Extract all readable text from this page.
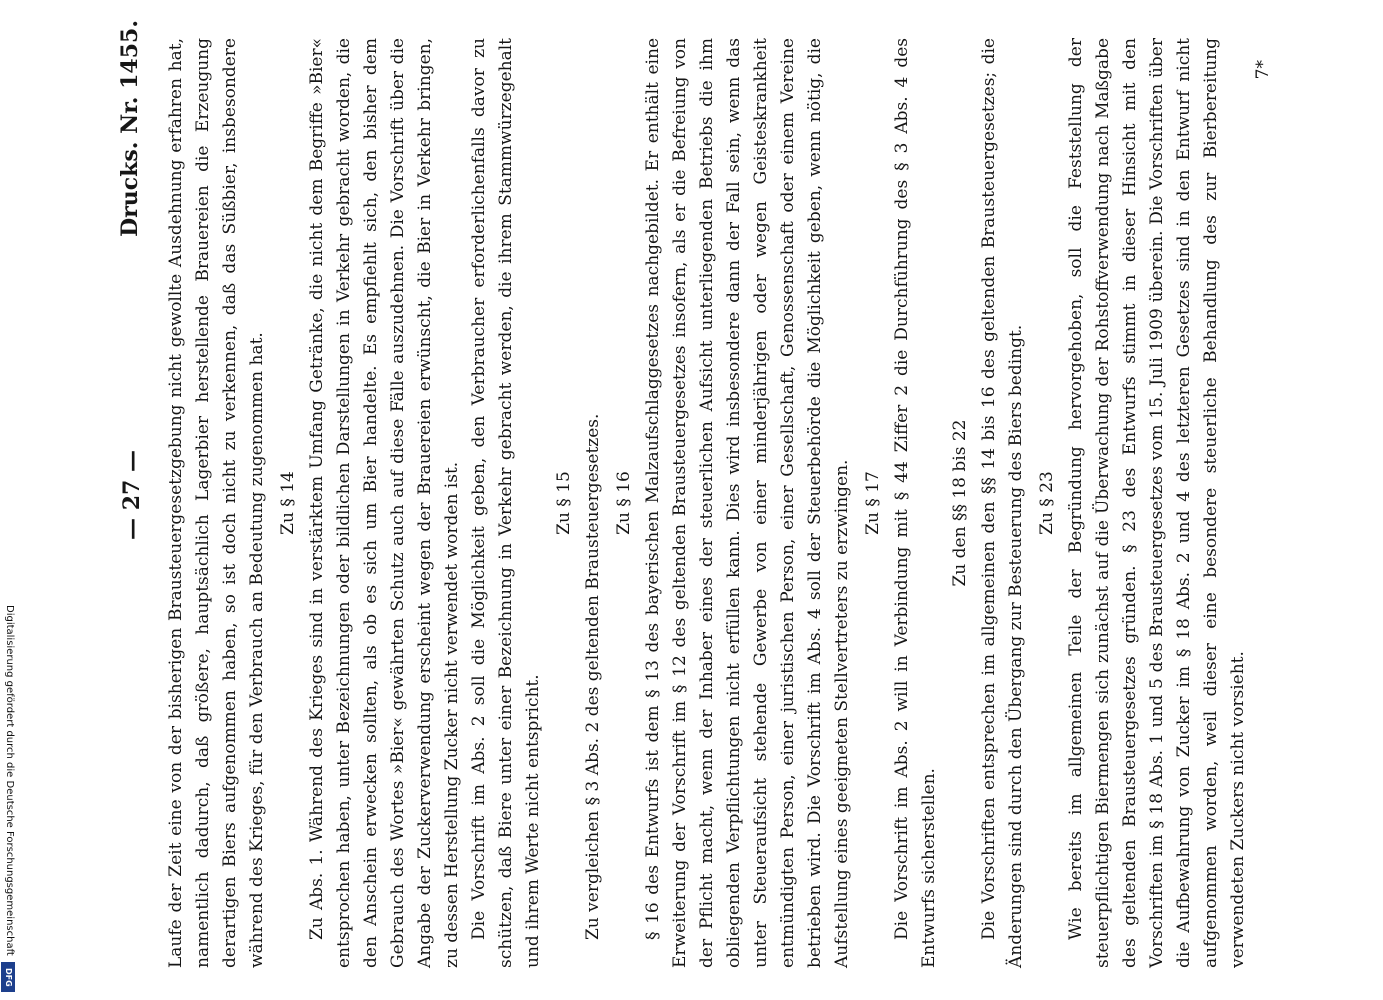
— 27 —
Drucks. Nr. 1455. Laufe der Zeit eine von der bisherigen Brausteuergesetzgebung nicht gewollte Ausdehnung erfahren hat, namentlich dadurch, daß größere, hauptsächlich Lagerbier herstellende Brauereien die Erzeugung derartigen Biers aufgenommen haben, so ist doch nicht zu verkennen, daß das Süßbier, insbesondere während des Krieges, für den Verbrauch an Bedeutung zugenommen hat. Zu § 14 Zu Abs. 1. Während des Krieges sind in verstärktem Umfang Getränke, die nicht dem Begriffe »Bier« entsprochen haben, unter Bezeichnungen oder bildlichen Darstellungen in Verkehr gebracht worden, die den Anschein erwecken sollten, als ob es sich um Bier handelte. Es empfiehlt sich, den bisher dem Gebrauch des Wortes »Bier« gewährten Schutz auch auf diese Fälle auszudehnen. Die Vorschrift über die Angabe der Zuckerverwendung erscheint wegen der Brauereien erwünscht, die Bier in Verkehr bringen, zu dessen Herstellung Zucker nicht verwendet worden ist. Die Vorschrift im Abs. 2 soll die Möglichkeit geben, den Verbraucher erforderlichenfalls davor zu schützen, daß Biere unter einer Bezeichnung in Verkehr gebracht werden, die ihrem Stammwürzegehalt und ihrem Werte nicht entspricht.

Zu § 15 Zu vergleichen § 3 Abs. 2 des geltenden Brausteuergesetzes. Zu § 16 § 16 des Entwurfs ist dem § 13 des bayerischen Malzaufschlaggesetzes nachgebildet. Er enthält eine Erweiterung der Vorschrift im § 12 des geltenden Brausteuergesetzes insofern, als er die Befreiung von der Pflicht macht, wenn der Inhaber eines der steuerlichen Aufsicht unterliegenden Betriebs die ihm obliegenden Verpflichtungen nicht erfüllen kann. Dies wird insbesondere dann der Fall sein, wenn das unter Steueraufsicht stehende Gewerbe von einer minderjährigen oder wegen Geisteskrankheit entmündigten Person, einer juristischen Person, einer Gesellschaft, Genossenschaft oder einem Vereine betrieben wird. Die Vorschrift im Abs. 4 soll der Steuerbehörde die Möglichkeit geben, wenn nötig, die Aufstellung eines geeigneten Stellvertreters zu erzwingen. Zu § 17 Die Vorschrift im Abs. 2 will in Verbindung mit § 44 Ziffer 2 die Durchführung des § 3 Abs. 4 des Entwurfs sicherstellen.

Zu den §§ 18 bis 22 Die Vorschriften entsprechen im allgemeinen den §§ 14 bis 16 des geltenden Brausteuergesetzes; die Änderungen sind durch den Übergang zur Besteuerung des Biers bedingt. Zu § 23 Wie bereits im allgemeinen Teile der Begründung hervorgehoben, soll die Feststellung der steuerpflichtigen Biermengen sich zunächst auf die Überwachung der Rohstoffverwendung nach Maßgabe des geltenden Brausteuergesetzes gründen. § 23 des Entwurfs stimmt in dieser Hinsicht mit den Vorschriften im § 18 Abs. 1 und 5 des Brausteuergesetzes vom 15. Juli 1909 überein. Die Vorschriften über die Aufbewahrung von Zucker im § 18 Abs. 2 und 4 des letzteren Gesetzes sind in den Entwurf nicht aufgenommen worden, weil dieser eine besondere steuerliche Behandlung des zur Bierbereitung verwendeten Zuckers nicht vorsieht.

7*
Digitalisierung gefördert durch die Deutsche Forschungsgemeinschaft
DFG
